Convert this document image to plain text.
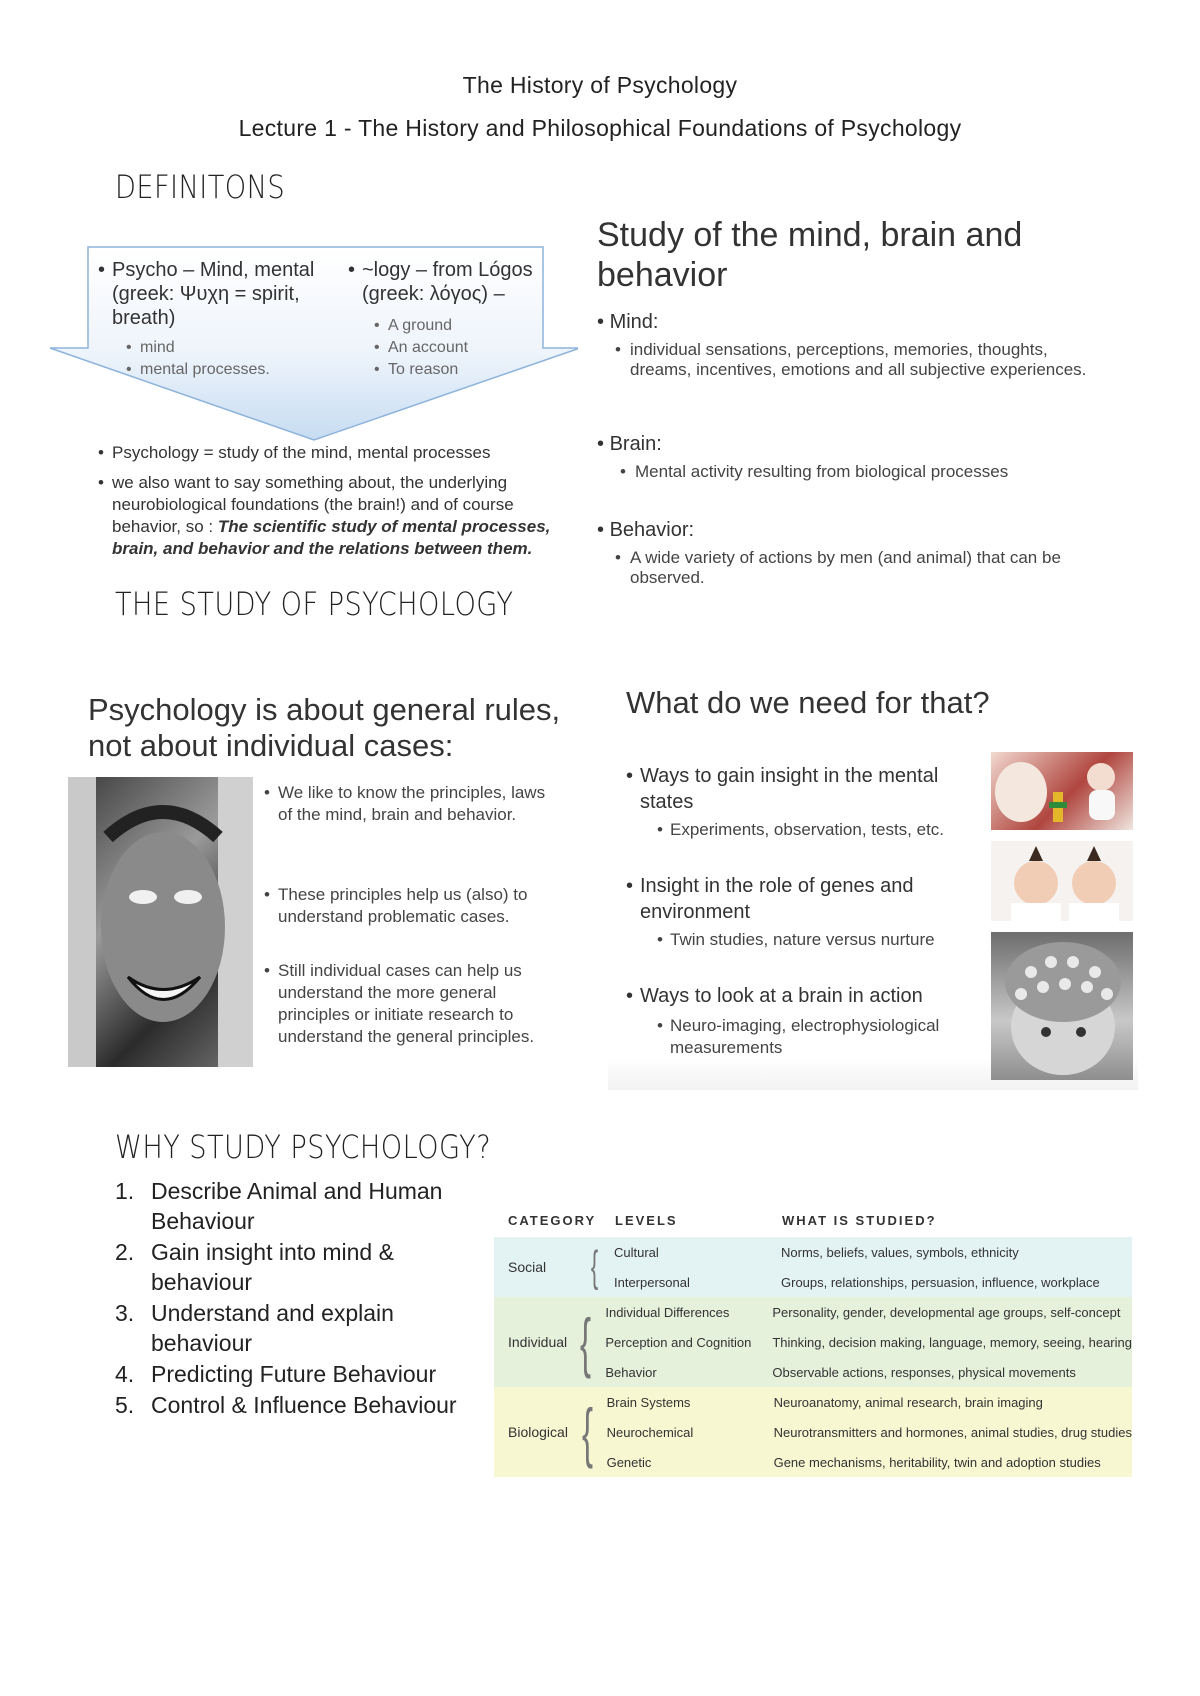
The History of Psychology
Lecture 1 - The History and Philosophical Foundations of Psychology
DEFINITONS
• Psycho – Mind, mental (greek: Ψυχη = spirit, breath)
• mind
• mental processes.
• ~logy – from Lógos (greek: λόγος) –
• A ground
• An account
• To reason
• Psychology = study of the mind, mental processes
• we also want to say something about, the underlying neurobiological foundations (the brain!) and of course behavior, so : The scientific study of mental processes, brain, and behavior and the relations between them.
Study of the mind, brain and behavior
• Mind:
• individual sensations, perceptions, memories, thoughts, dreams, incentives, emotions and all subjective experiences.
• Brain:
• Mental activity resulting from biological processes
• Behavior:
• A wide variety of actions by men (and animal) that can be observed.
THE STUDY OF PSYCHOLOGY
Psychology is about general rules, not about individual cases:
• We like to know the principles, laws of the mind, brain and behavior.
• These principles help us (also) to understand problematic cases.
• Still individual cases can help us understand the more general principles or initiate research to understand the general principles.
What do we need for that?
• Ways to gain insight in the mental states
• Experiments, observation, tests, etc.
• Insight in the role of genes and environment
• Twin studies, nature versus nurture
• Ways to look at a brain in action
• Neuro-imaging, electrophysiological measurements
WHY STUDY PSYCHOLOGY?
1. Describe Animal and Human Behaviour
2. Gain insight into mind & behaviour
3. Understand and explain behaviour
4. Predicting Future Behaviour
5. Control & Influence Behaviour
CATEGORY	LEVELS	WHAT IS STUDIED?
Social	{	Cultural	Norms, beliefs, values, symbols, ethnicity
Interpersonal	Groups, relationships, persuasion, influence, workplace
Individual {	Individual Differences	Personality, gender, developmental age groups, self-concept
Perception and Cognition	Thinking, decision making, language, memory, seeing, hearing
Behavior	Observable actions, responses, physical movements
Biological {	Brain Systems	Neuroanatomy, animal research, brain imaging
Neurochemical	Neurotransmitters and hormones, animal studies, drug studies
Genetic	Gene mechanisms, heritability, twin and adoption studies
